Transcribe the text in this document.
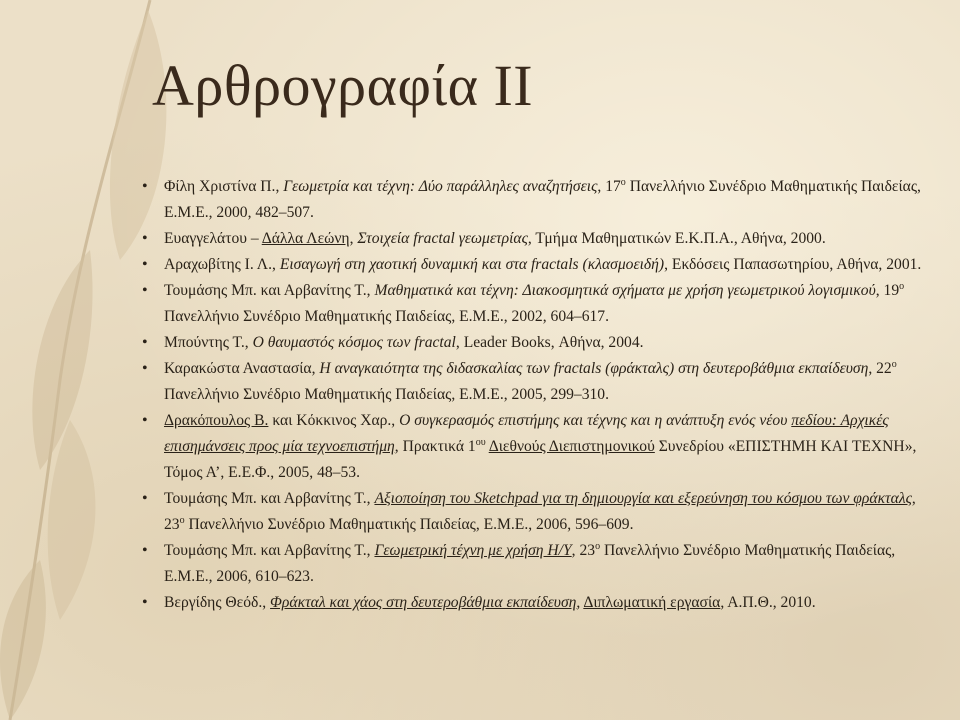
Αρθρογραφία ΙΙ
• Φίλη Χριστίνα Π., Γεωμετρία και τέχνη: Δύο παράλληλες αναζητήσεις, $17^o$ Πανελλήνιο Συνέδριο Μαθηματικής Παιδείας, Ε.Μ.Ε., 2000, 482–507.
• Ευαγγελάτου – Δάλλα Λεώνη, Στοιχεία fractal γεωμετρίας, Τμήμα Μαθηματικών Ε.Κ.Π.Α., Αθήνα, 2000.
• Αραχωβίτης Ι. Λ., Εισαγωγή στη χαοτική δυναμική και στα fractals (κλασμοειδή), Εκδόσεις Παπασωτηρίου, Αθήνα, 2001.
• Τουμάσης Μπ. και Αρβανίτης Τ., Μαθηματικά και τέχνη: Διακοσμητικά σχήματα με χρήση γεωμετρικού λογισμικού, $19^o$ Πανελλήνιο Συνέδριο Μαθηματικής Παιδείας, Ε.Μ.Ε., 2002, 604–617.
• Μπούντης Τ., Ο θαυμαστός κόσμος των fractal, Leader Books, Αθήνα, 2004.
• Καρακώστα Αναστασία, Η αναγκαιότητα της διδασκαλίας των fractals (φράκταλς) στη δευτεροβάθμια εκπαίδευση, $22^o$ Πανελλήνιο Συνέδριο Μαθηματικής Παιδείας, Ε.Μ.Ε., 2005, 299–310.
• Δρακόπουλος Β. και Κόκκινος Χαρ., Ο συγκερασμός επιστήμης και τέχνης και η ανάπτυξη ενός νέου πεδίου: Αρχικές επισημάνσεις προς μία τεχνοεπιστήμη, Πρακτικά $1^{o\upsilon}$ Διεθνούς Διεπιστημονικού Συνεδρίου «ΕΠΙΣΤΗΜΗ ΚΑΙ ΤΕΧΝΗ», Τόμος Α’, Ε.Ε.Φ., 2005, 48–53.
• Τουμάσης Μπ. και Αρβανίτης Τ., Αξιοποίηση του Sketchpad για τη δημιουργία και εξερεύνηση του κόσμου των φράκταλς, $23^o$ Πανελλήνιο Συνέδριο Μαθηματικής Παιδείας, Ε.Μ.Ε., 2006, 596–609.
• Τουμάσης Μπ. και Αρβανίτης Τ., Γεωμετρική τέχνη με χρήση Η/Υ, $23^o$ Πανελλήνιο Συνέδριο Μαθηματικής Παιδείας, Ε.Μ.Ε., 2006, 610–623.
• Βεργίδης Θεόδ., Φράκταλ και χάος στη δευτεροβάθμια εκπαίδευση, Διπλωματική εργασία, Α.Π.Θ., 2010.
